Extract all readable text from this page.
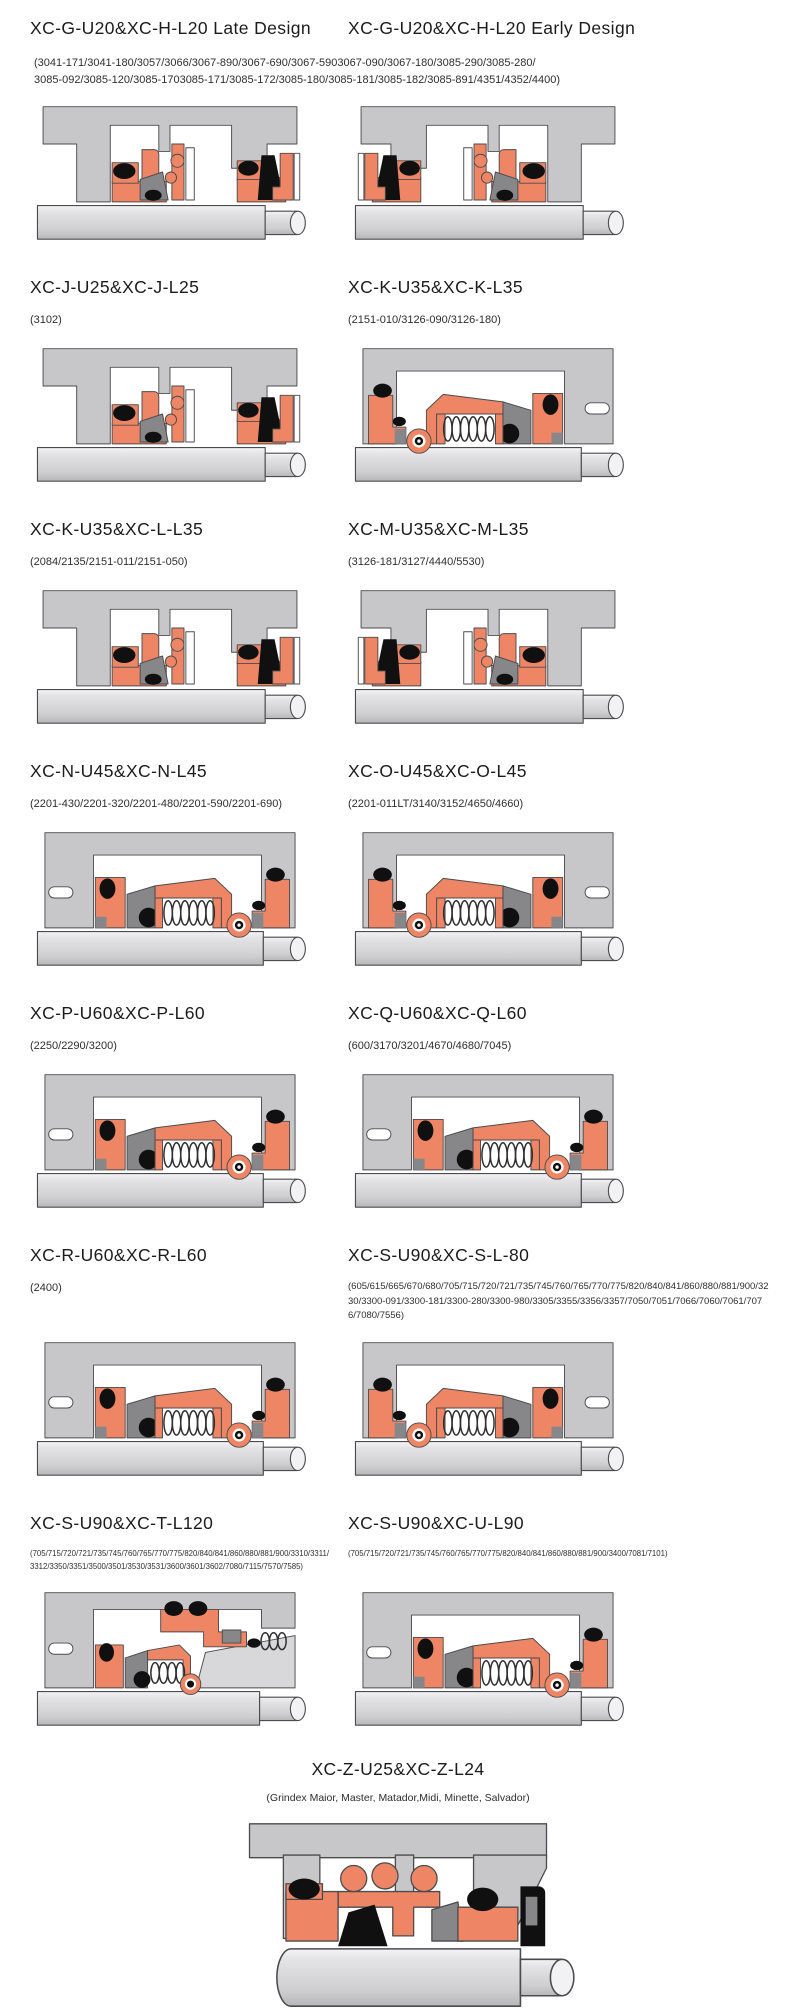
XC-G-U20&XC-H-L20 Late Design	XC-G-U20&XC-H-L20 Early Design
(3041-171/3041-180/3057/3066/3067-890/3067-690/3067-5903067-090/3067-180/3085-290/3085-280/
3085-092/3085-120/3085-1703085-171/3085-172/3085-180/3085-181/3085-182/3085-891/4351/4352/4400)
XC-J-U25&XC-J-L25
(3102)
XC-K-U35&XC-K-L35
(2151-010/3126-090/3126-180)
XC-K-U35&XC-L-L35
(2084/2135/2151-011/2151-050)
XC-M-U35&XC-M-L35
(3126-181/3127/4440/5530)
XC-N-U45&XC-N-L45
(2201-430/2201-320/2201-480/2201-590/2201-690)
XC-O-U45&XC-O-L45
(2201-011LT/3140/3152/4650/4660)
XC-P-U60&XC-P-L60
(2250/2290/3200)
XC-Q-U60&XC-Q-L60
(600/3170/3201/4670/4680/7045)
XC-R-U60&XC-R-L60
(2400)
XC-S-U90&XC-S-L-80
(605/615/665/670/680/705/715/720/721/735/745/760/765/770/775/820/840/841/860/880/881/900/3230/3300-091/3300-181/3300-280/3300-980/3305/3355/3356/3357/7050/7051/7066/7060/7061/7076/7080/7556)
XC-S-U90&XC-T-L120
(705/715/720/721/735/745/760/765/770/775/820/840/841/860/880/881/900/3310/3311/3312/3350/3351/3500/3501/3530/3531/3600/3601/3602/7080/7115/7570/7585)
XC-S-U90&XC-U-L90
(705/715/720/721/735/745/760/765/770/775/820/840/841/860/880/881/900/3400/7081/7101)
XC-Z-U25&XC-Z-L24
(Grindex Maior, Master, Matador,Midi, Minette, Salvador)
